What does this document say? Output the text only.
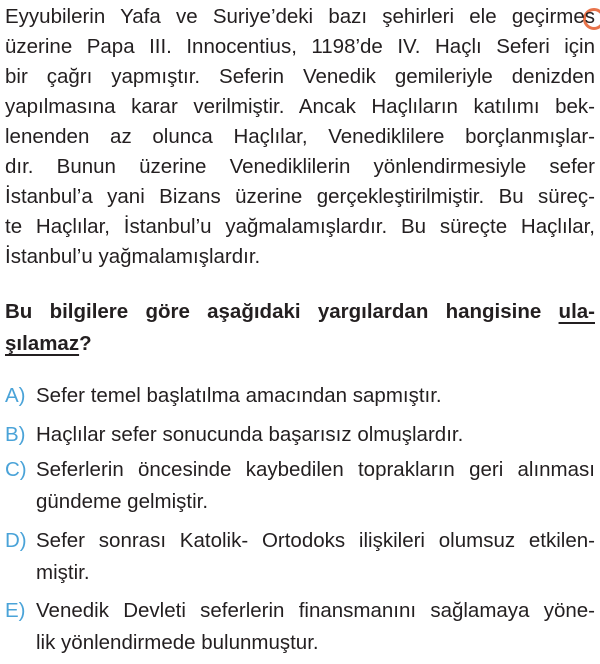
Eyyubilerin Yafa ve Suriye’deki bazı şehirleri ele geçirmes
üzerine Papa III. Innocentius, 1198’de IV. Haçlı Seferi için
bir çağrı yapmıştır. Seferin Venedik gemileriyle denizden
yapılmasına karar verilmiştir. Ancak Haçlıların katılımı bek-
lenenden az olunca Haçlılar, Venediklilere borçlanmışlar-
dır. Bunun üzerine Venediklilerin yönlendirmesiyle sefer
İstanbul’a yani Bizans üzerine gerçekleştirilmiştir. Bu süreç-
te Haçlılar, İstanbul’u yağmalamışlardır. Bu süreçte Haçlılar,
İstanbul’u yağmalamışlardır.
Bu bilgilere göre aşağıdaki yargılardan hangisine ula-
şılamaz?
A) Sefer temel başlatılma amacından sapmıştır.
B) Haçlılar sefer sonucunda başarısız olmuşlardır.
C) Seferlerin öncesinde kaybedilen toprakların geri alınması
gündeme gelmiştir.
D) Sefer sonrası Katolik- Ortodoks ilişkileri olumsuz etkilen-
miştir.
E) Venedik Devleti seferlerin finansmanını sağlamaya yöne-
lik yönlendirmede bulunmuştur.
